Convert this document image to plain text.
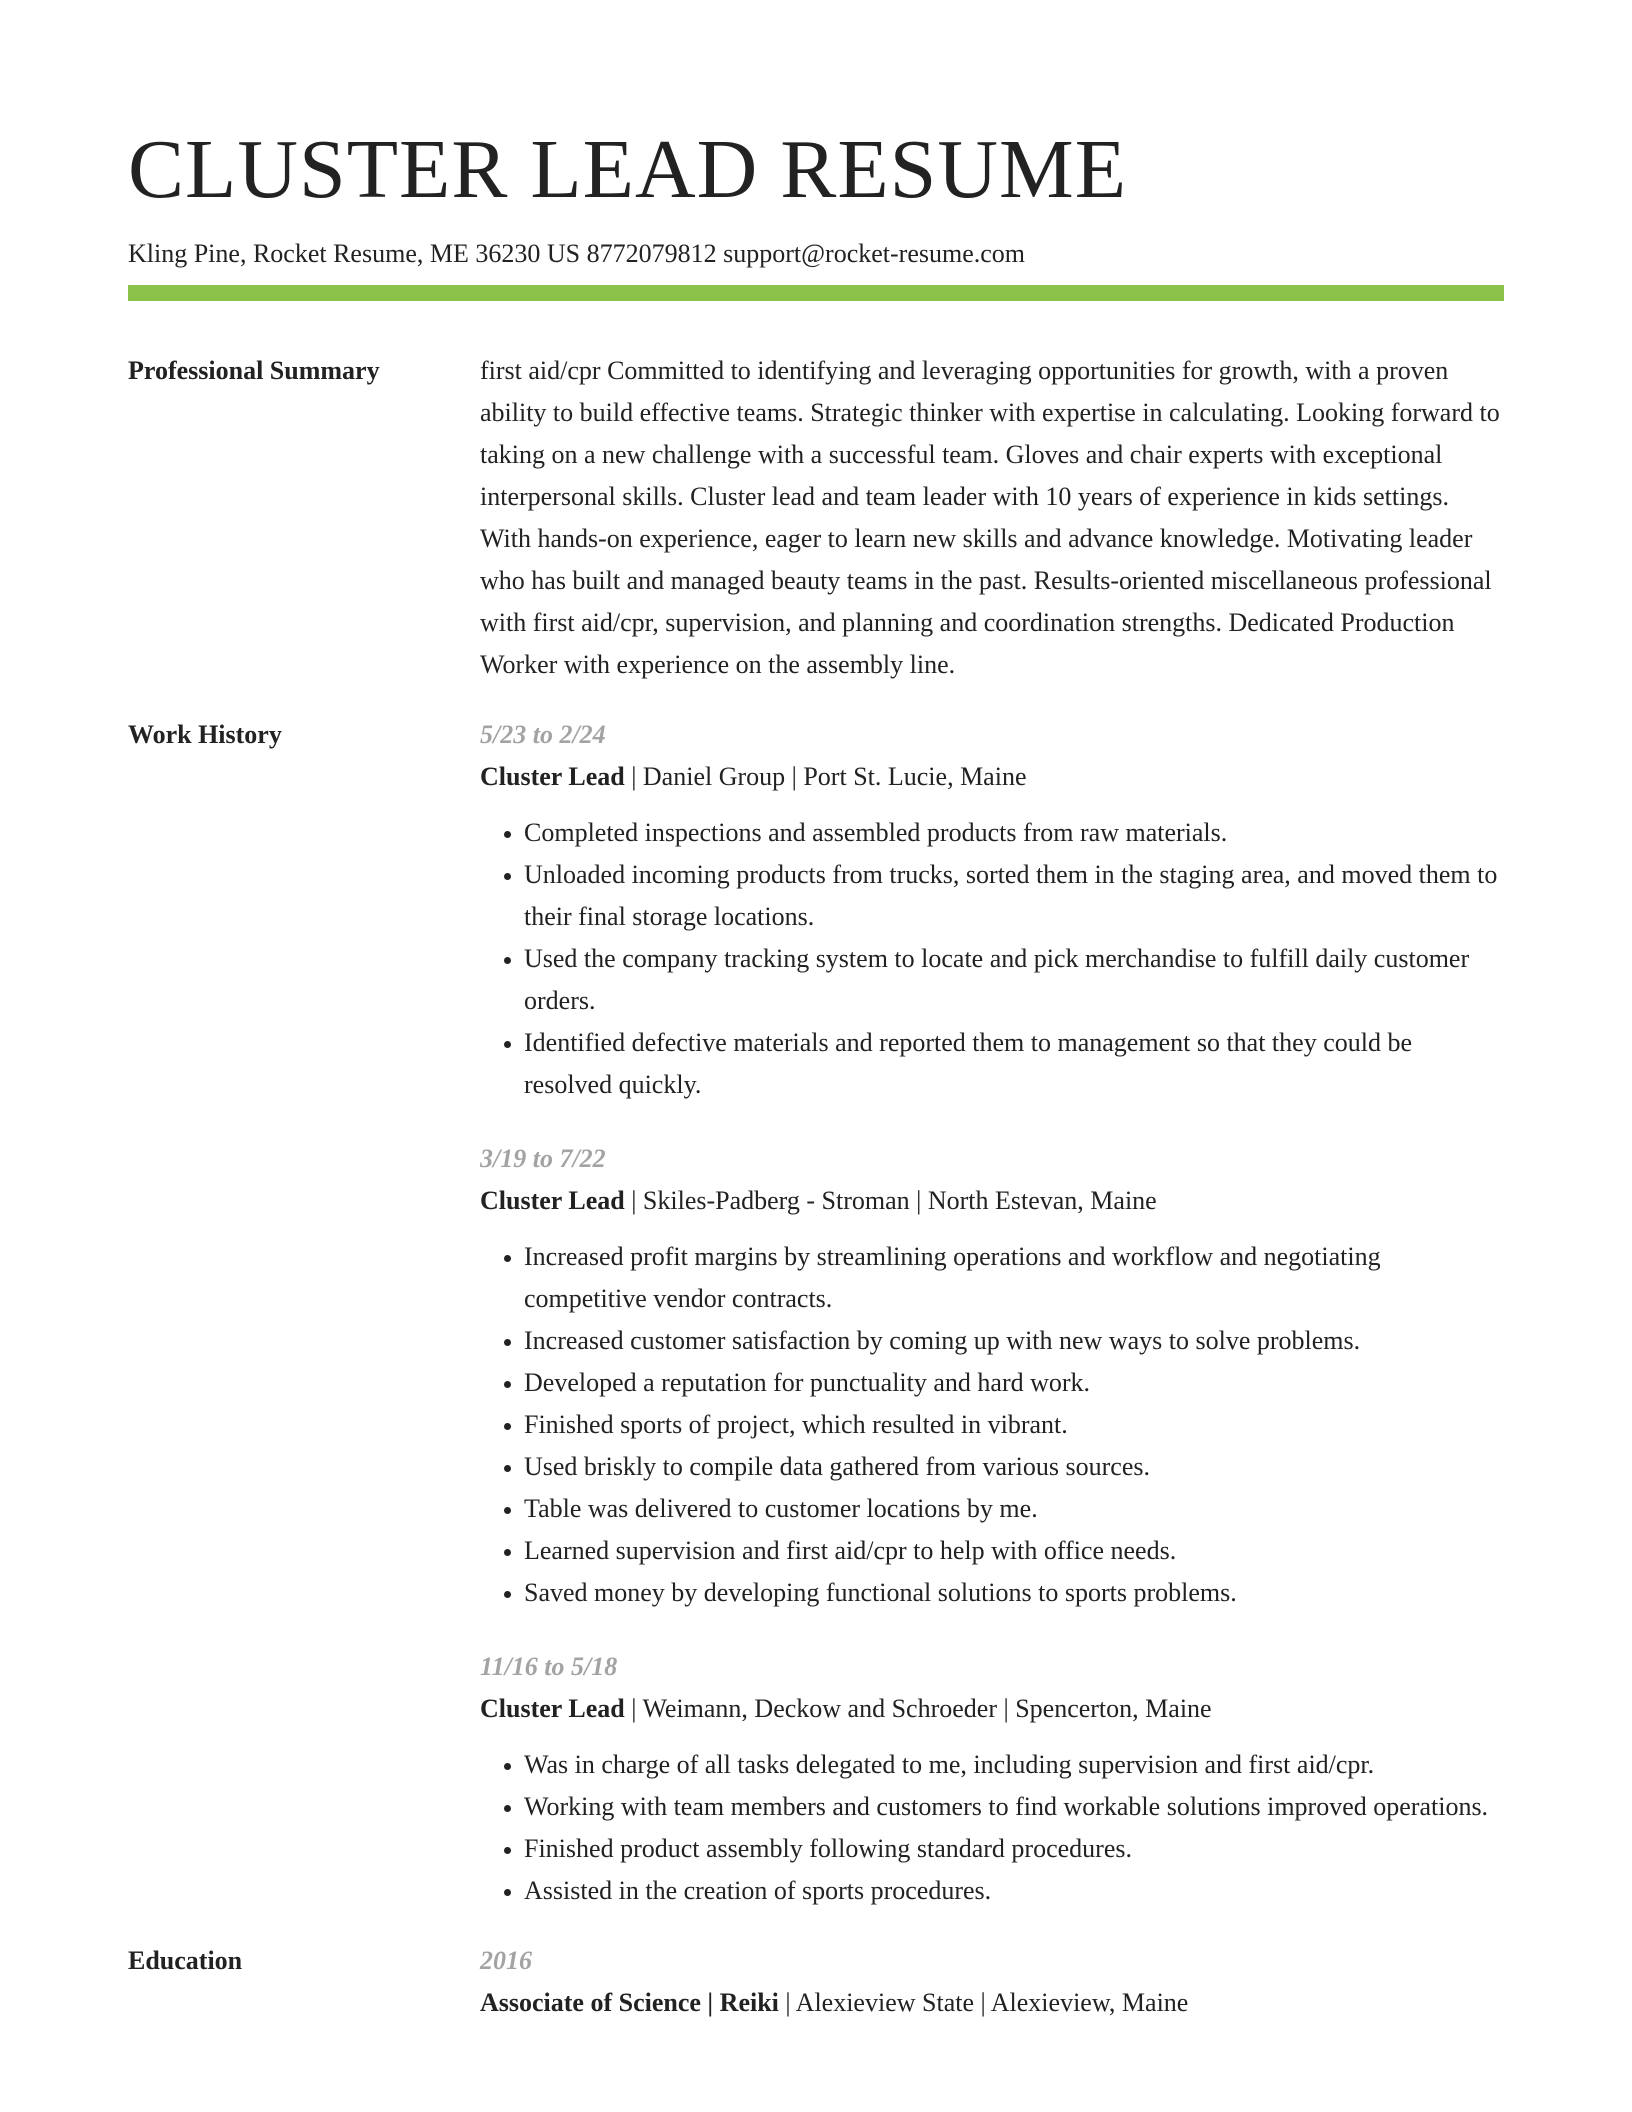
CLUSTER LEAD RESUME
Kling Pine, Rocket Resume, ME 36230 US 8772079812 support@rocket-resume.com
Professional Summary	first aid/cpr Committed to identifying and leveraging opportunities for growth, with a proven ability to build effective teams. Strategic thinker with expertise in calculating. Looking forward to taking on a new challenge with a successful team. Gloves and chair experts with exceptional interpersonal skills. Cluster lead and team leader with 10 years of experience in kids settings. With hands-on experience, eager to learn new skills and advance knowledge. Motivating leader who has built and managed beauty teams in the past. Results-oriented miscellaneous professional with first aid/cpr, supervision, and planning and coordination strengths. Dedicated Production Worker with experience on the assembly line.

Work History	5/23 to 2/24

Cluster Lead | Daniel Group | Port St. Lucie, Maine

• Completed inspections and assembled products from raw materials.
• Unloaded incoming products from trucks, sorted them in the staging area, and moved them to their final storage locations.
• Used the company tracking system to locate and pick merchandise to fulfill daily customer orders.
• Identified defective materials and reported them to management so that they could be resolved quickly.
3/19 to 7/22

Cluster Lead | Skiles-Padberg - Stroman | North Estevan, Maine

• Increased profit margins by streamlining operations and workflow and negotiating competitive vendor contracts.
• Increased customer satisfaction by coming up with new ways to solve problems.
• Developed a reputation for punctuality and hard work.
• Finished sports of project, which resulted in vibrant.
• Used briskly to compile data gathered from various sources.
• Table was delivered to customer locations by me.
• Learned supervision and first aid/cpr to help with office needs.
• Saved money by developing functional solutions to sports problems.
11/16 to 5/18

Cluster Lead | Weimann, Deckow and Schroeder | Spencerton, Maine

• Was in charge of all tasks delegated to me, including supervision and first aid/cpr.
• Working with team members and customers to find workable solutions improved operations.
• Finished product assembly following standard procedures.
• Assisted in the creation of sports procedures.
Education	2016

Associate of Science | Reiki | Alexieview State | Alexieview, Maine
